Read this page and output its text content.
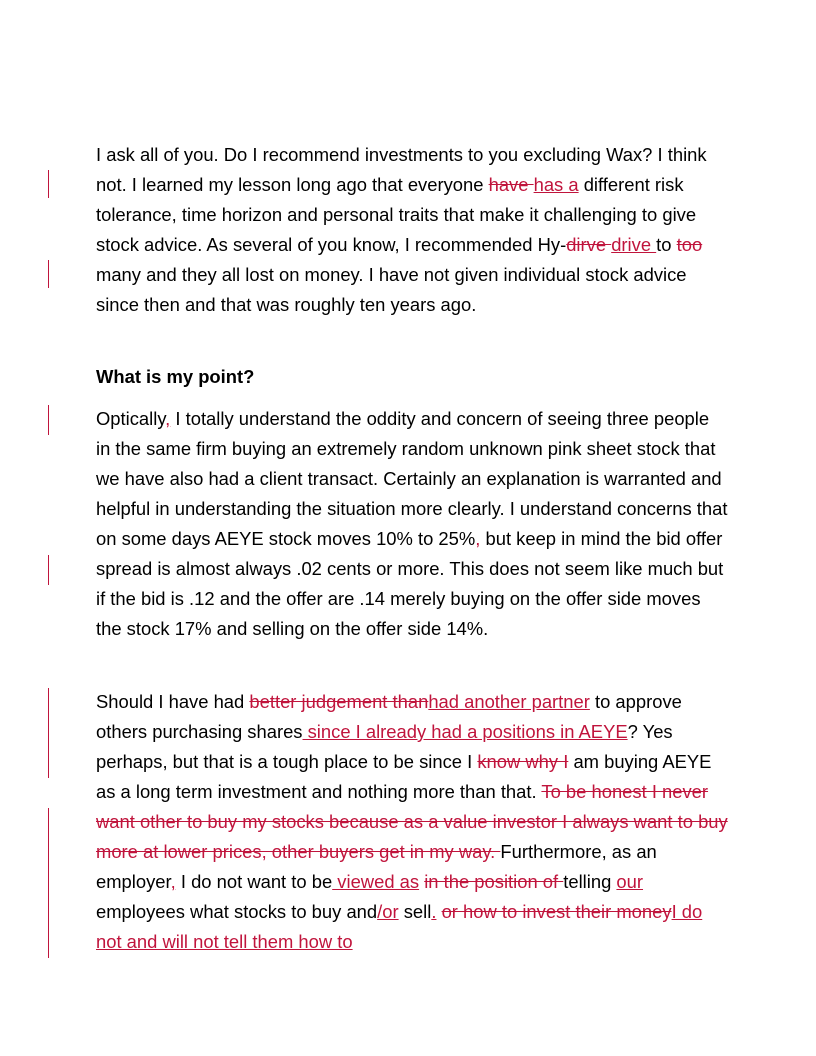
I ask all of you. Do I recommend investments to you excluding Wax? I think not. I learned my lesson long ago that everyone have has a different risk tolerance, time horizon and personal traits that make it challenging to give stock advice. As several of you know, I recommended Hy-dirve drive to too many and they all lost on money. I have not given individual stock advice since then and that was roughly ten years ago.

What is my point?

Optically, I totally understand the oddity and concern of seeing three people in the same firm buying an extremely random unknown pink sheet stock that we have also had a client transact. Certainly an explanation is warranted and helpful in understanding the situation more clearly. I understand concerns that on some days AEYE stock moves 10% to 25%, but keep in mind the bid offer spread is almost always .02 cents or more. This does not seem like much but if the bid is .12 and the offer are .14 merely buying on the offer side moves the stock 17% and selling on the offer side 14%.

Should I have had better judgement thanhad another partner to approve others purchasing shares since I already had a positions in AEYE? Yes perhaps, but that is a tough place to be since I know why I am buying AEYE as a long term investment and nothing more than that. To be honest I never want other to buy my stocks because as a value investor I always want to buy more at lower prices, other buyers get in my way. Furthermore, as an employer, I do not want to be viewed as in the position of telling our employees what stocks to buy and/or sell. or how to invest their moneyI do not and will not tell them how to
